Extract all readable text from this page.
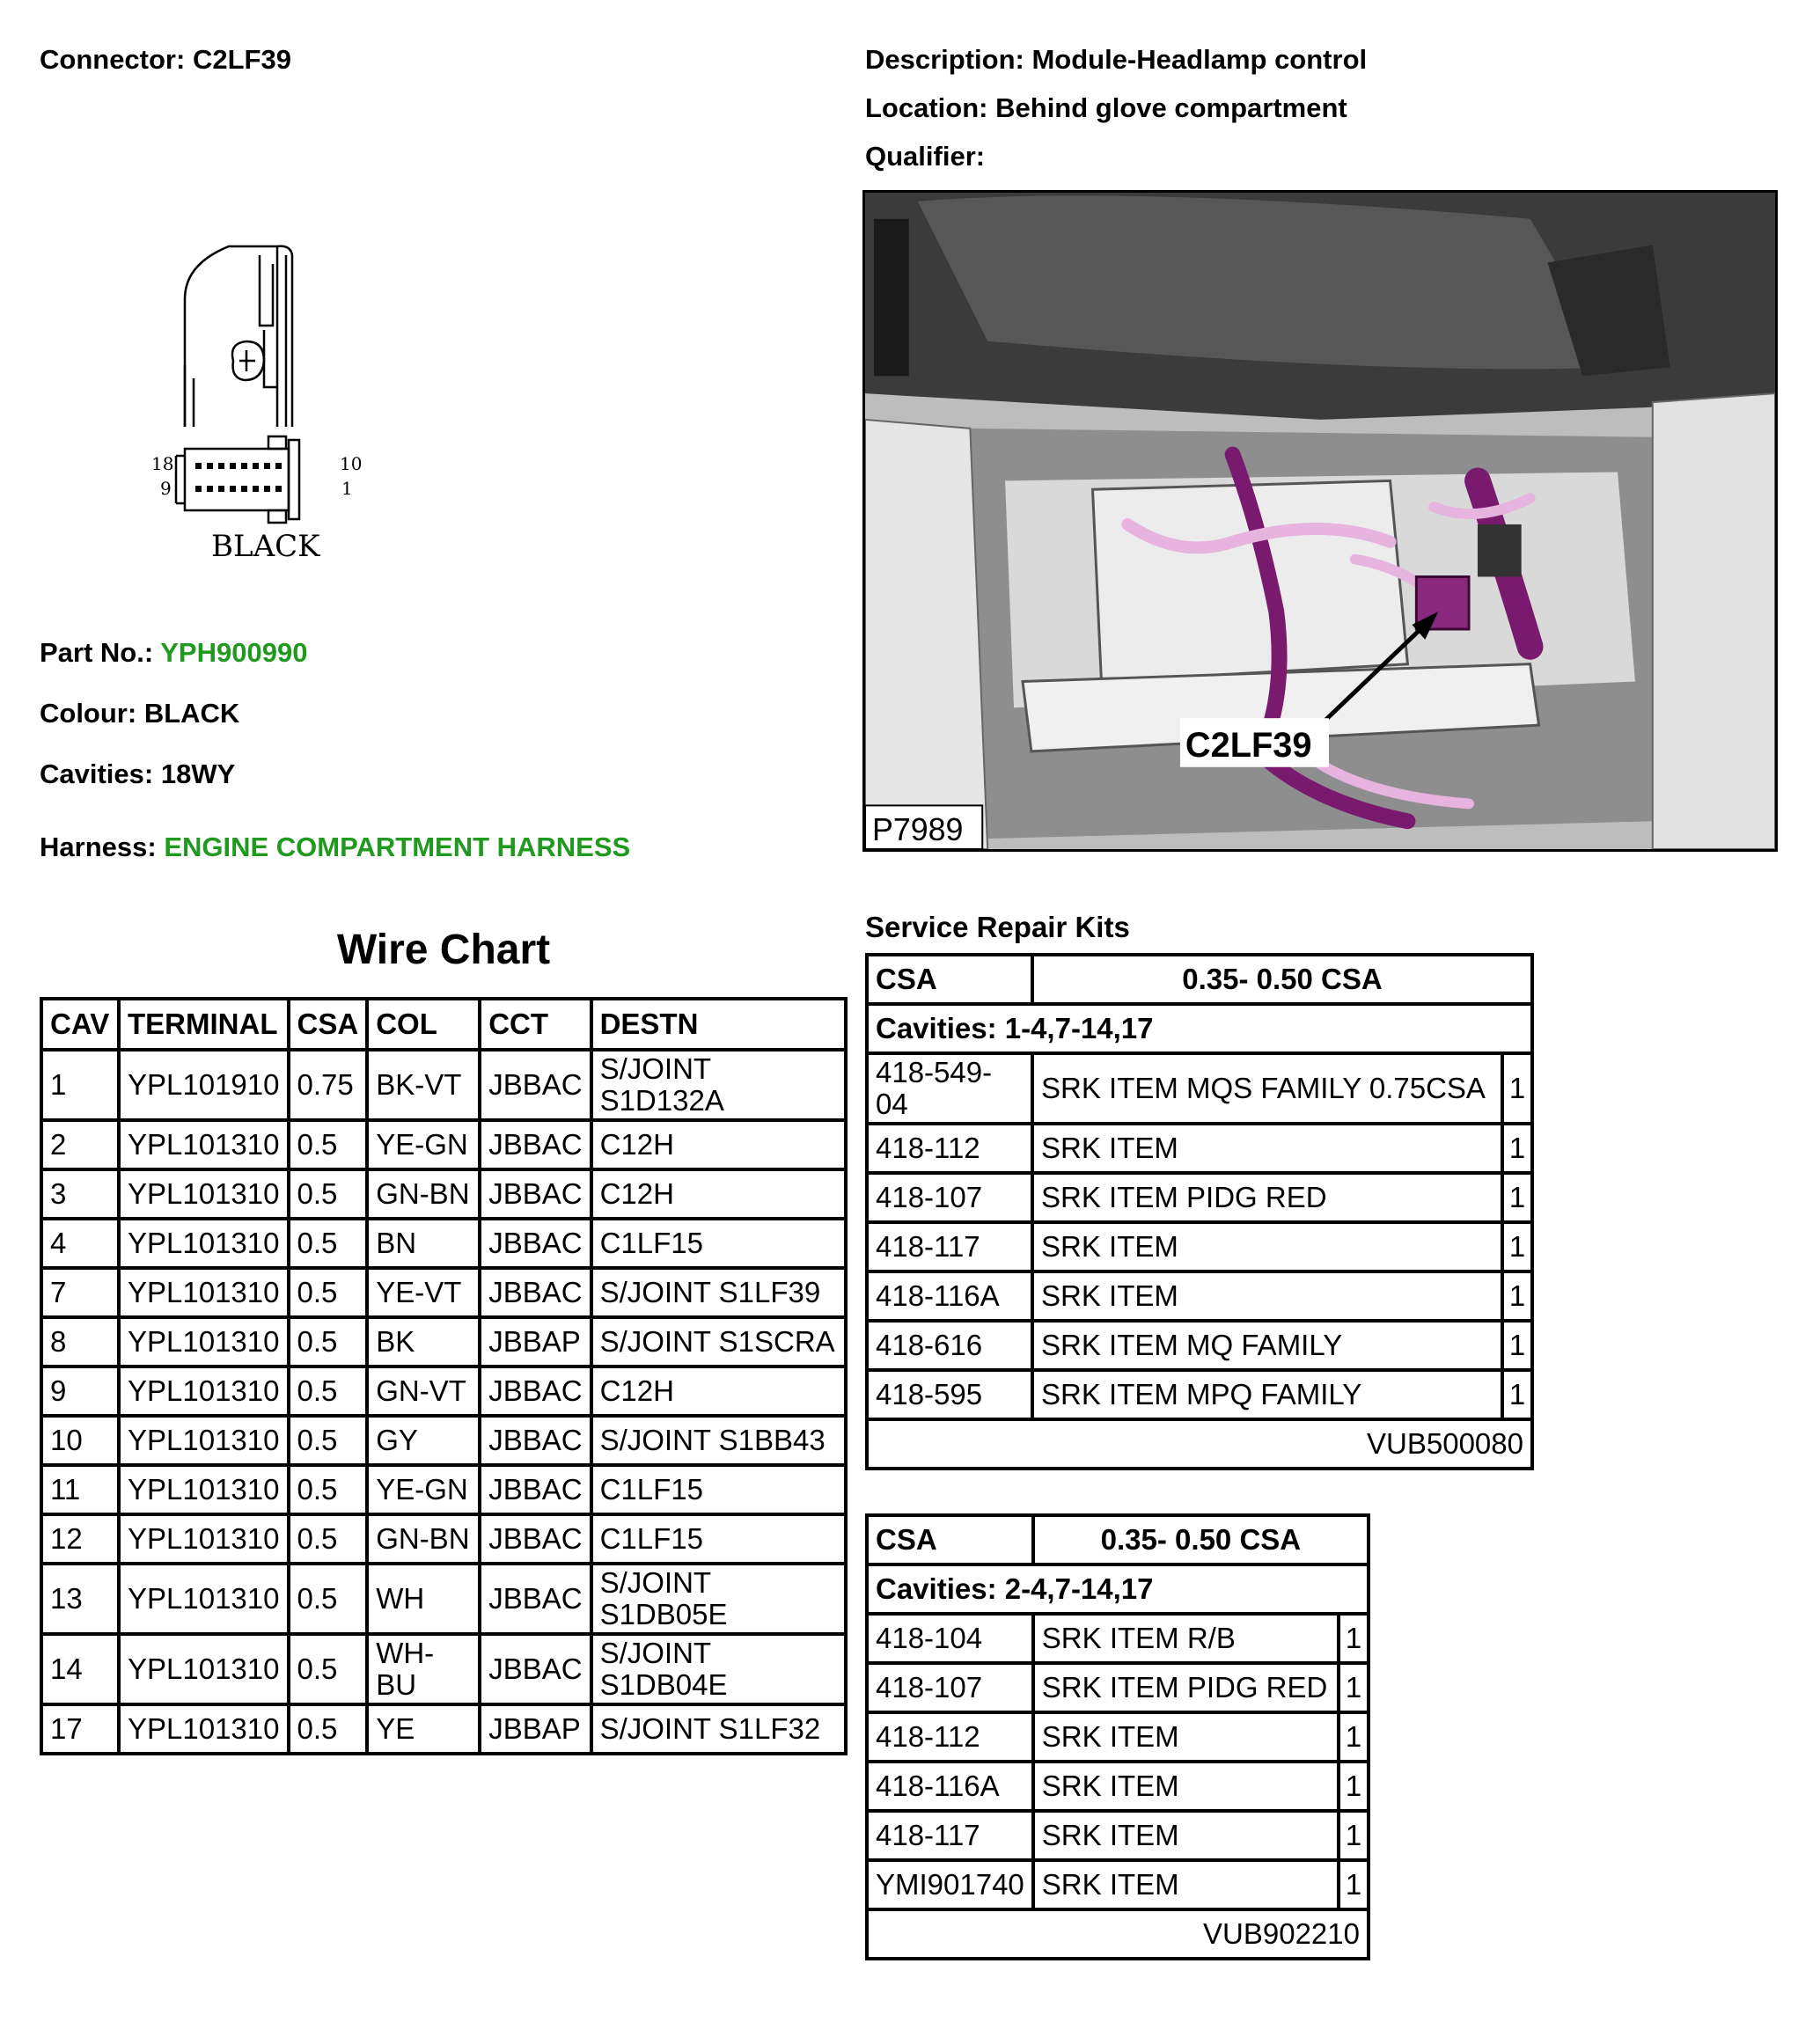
Connector: C2LF39	Description: Module-Headlamp control
Location: Behind glove compartment
Qualifier:
18
9
10
1
BLACK
Part No.: YPH900990
Colour: BLACK
Cavities: 18WY
Harness: ENGINE COMPARTMENT HARNESS
C2LF39
P7989
Wire Chart
CAV	TERMINAL	CSA	COL	CCT	DESTN
1	YPL101910	0.75	BK-VT	JBBAC	S/JOINT S1D132A
2	YPL101310	0.5	YE-GN	JBBAC	C12H
3	YPL101310	0.5	GN-BN	JBBAC	C12H
4	YPL101310	0.5	BN	JBBAC	C1LF15
7	YPL101310	0.5	YE-VT	JBBAC	S/JOINT S1LF39
8	YPL101310	0.5	BK	JBBAP	S/JOINT S1SCRA
9	YPL101310	0.5	GN-VT	JBBAC	C12H
10	YPL101310	0.5	GY	JBBAC	S/JOINT S1BB43
11	YPL101310	0.5	YE-GN	JBBAC	C1LF15
12	YPL101310	0.5	GN-BN	JBBAC	C1LF15
13	YPL101310	0.5	WH	JBBAC	S/JOINT S1DB05E
14	YPL101310	0.5	WH-BU	JBBAC	S/JOINT S1DB04E
17	YPL101310	0.5	YE	JBBAP	S/JOINT S1LF32
Service Repair Kits
CSA	0.35- 0.50 CSA	
Cavities: 1-4,7-14,17		
418-549-04	SRK ITEM MQS FAMILY 0.75CSA	1
418-112	SRK ITEM	1
418-107	SRK ITEM PIDG RED	1
418-117	SRK ITEM	1
418-116A	SRK ITEM	1
418-616	SRK ITEM MQ FAMILY	1
418-595	SRK ITEM MPQ FAMILY	1
VUB500080		
CSA	0.35- 0.50 CSA	
Cavities: 2-4,7-14,17		
418-104	SRK ITEM R/B	1
418-107	SRK ITEM PIDG RED	1
418-112	SRK ITEM	1
418-116A	SRK ITEM	1
418-117	SRK ITEM	1
YMI901740	SRK ITEM	1
VUB902210		
